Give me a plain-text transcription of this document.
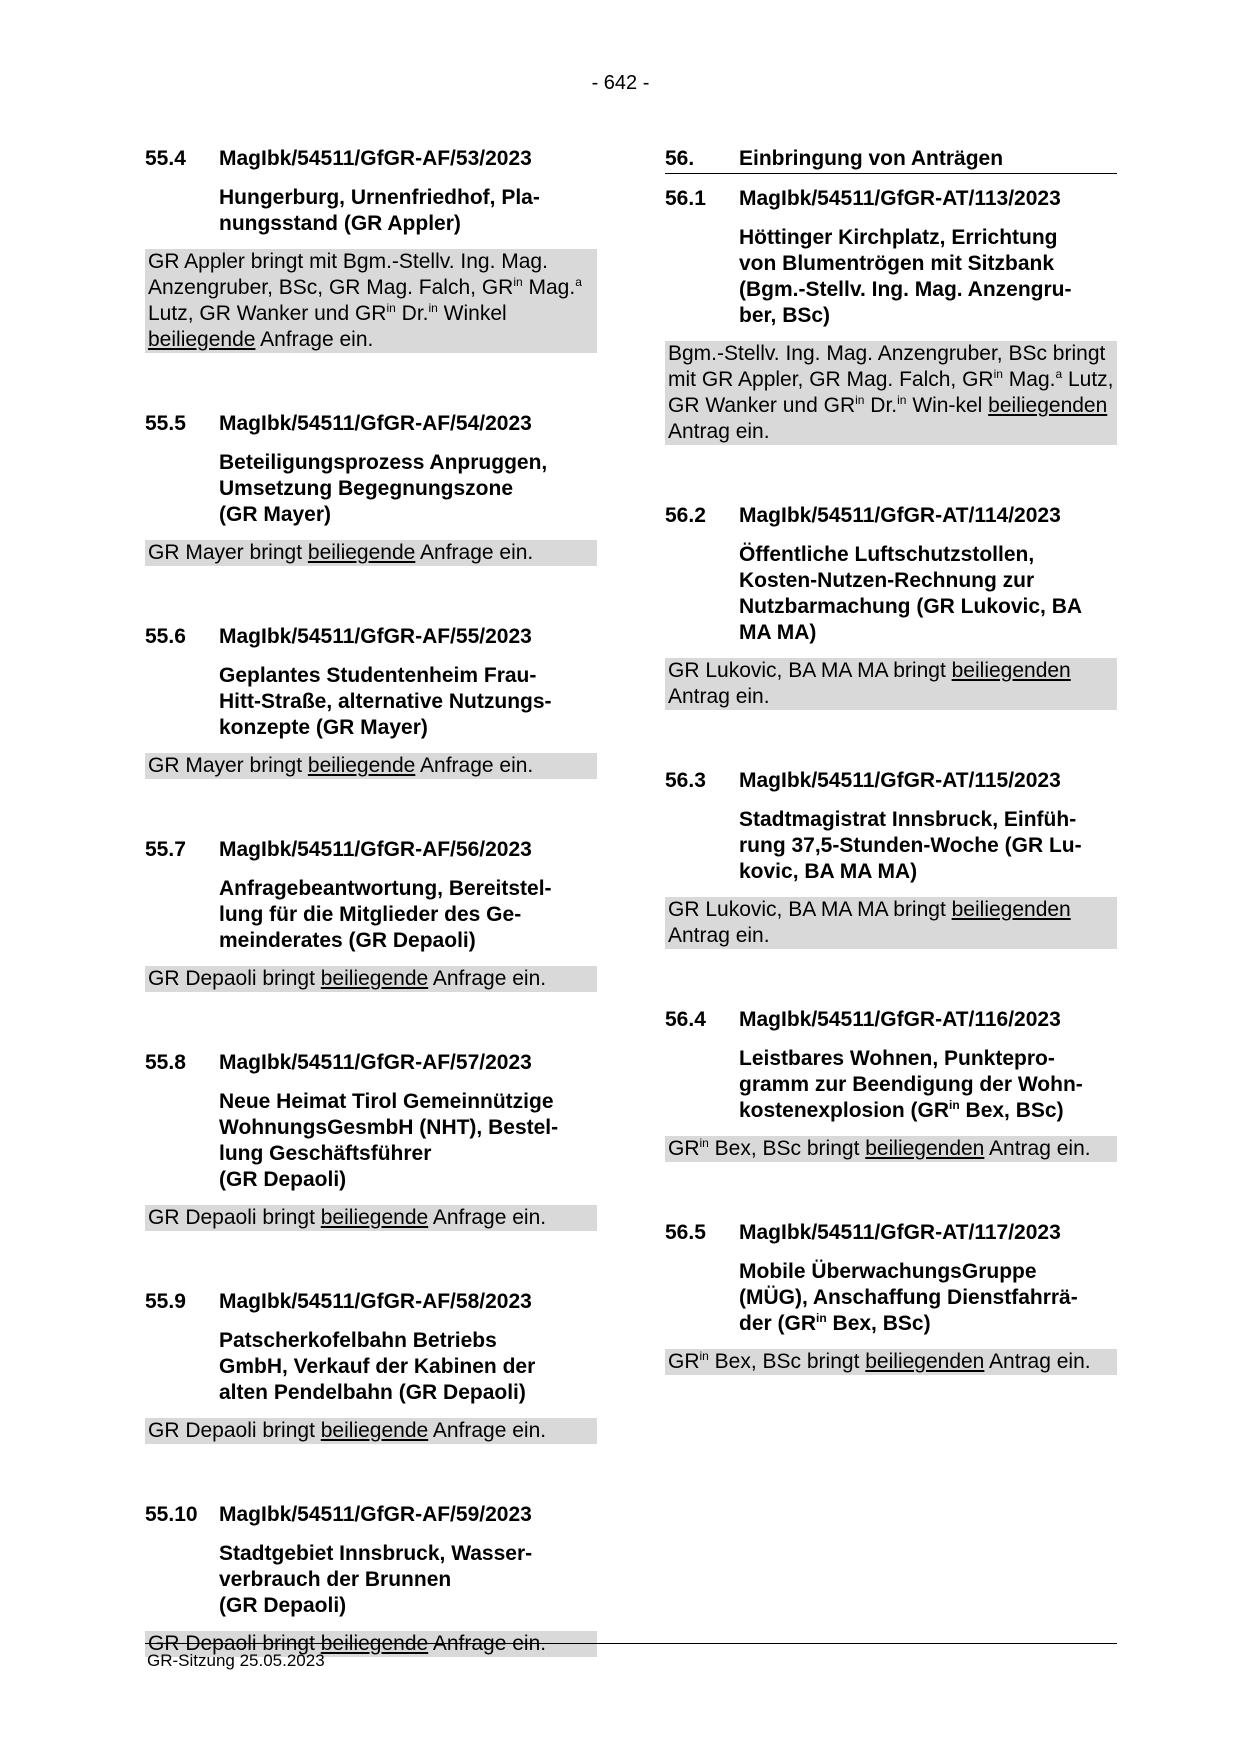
- 642 -
55.4	MagIbk/54511/GfGR-AF/53/2023
Hungerburg, Urnenfriedhof, Pla-
nungsstand (GR Appler)
GR Appler bringt mit Bgm.-Stellv. Ing. Mag. Anzengruber, BSc, GR Mag. Falch, $GR^{in}$ Mag.$^a$ Lutz, GR Wanker und $GR^{in}$ Dr.$^{in}$ Winkel beiliegende Anfrage ein.
55.5	MagIbk/54511/GfGR-AF/54/2023
Beteiligungsprozess Anpruggen,
Umsetzung Begegnungszone
(GR Mayer)
GR Mayer bringt beiliegende Anfrage ein.
55.6	MagIbk/54511/GfGR-AF/55/2023
Geplantes Studentenheim Frau-
Hitt-Straße, alternative Nutzungs-
konzepte (GR Mayer)
GR Mayer bringt beiliegende Anfrage ein.
55.7	MagIbk/54511/GfGR-AF/56/2023
Anfragebeantwortung, Bereitstel-
lung für die Mitglieder des Ge-
meinderates (GR Depaoli)
GR Depaoli bringt beiliegende Anfrage ein.
55.8	MagIbk/54511/GfGR-AF/57/2023
Neue Heimat Tirol Gemeinnützige
WohnungsGesmbH (NHT), Bestel-
lung Geschäftsführer
(GR Depaoli)
GR Depaoli bringt beiliegende Anfrage ein.
55.9	MagIbk/54511/GfGR-AF/58/2023
Patscherkofelbahn Betriebs
GmbH, Verkauf der Kabinen der
alten Pendelbahn (GR Depaoli)
GR Depaoli bringt beiliegende Anfrage ein.
55.10	MagIbk/54511/GfGR-AF/59/2023
Stadtgebiet Innsbruck, Wasser-
verbrauch der Brunnen
(GR Depaoli)
GR Depaoli bringt beiliegende Anfrage ein.
56.	Einbringung von Anträgen
56.1	MagIbk/54511/GfGR-AT/113/2023
Höttinger Kirchplatz, Errichtung
von Blumentrögen mit Sitzbank
(Bgm.-Stellv. Ing. Mag. Anzengru-
ber, BSc)
Bgm.-Stellv. Ing. Mag. Anzengruber, BSc bringt mit GR Appler, GR Mag. Falch, $GR^{in}$ Mag.$^a$ Lutz, GR Wanker und $GR^{in}$ Dr.$^{in}$ Win-kel beiliegenden Antrag ein.
56.2	MagIbk/54511/GfGR-AT/114/2023
Öffentliche Luftschutzstollen,
Kosten-Nutzen-Rechnung zur
Nutzbarmachung (GR Lukovic, BA
MA MA)
GR Lukovic, BA MA MA bringt beiliegenden Antrag ein.
56.3	MagIbk/54511/GfGR-AT/115/2023
Stadtmagistrat Innsbruck, Einfüh-
rung 37,5-Stunden-Woche (GR Lu-
kovic, BA MA MA)
GR Lukovic, BA MA MA bringt beiliegenden Antrag ein.
56.4	MagIbk/54511/GfGR-AT/116/2023
Leistbares Wohnen, Punktepro-
gramm zur Beendigung der Wohn-
kostenexplosion ($GR^{in}$ Bex, BSc)
$GR^{in}$ Bex, BSc bringt beiliegenden Antrag ein.
56.5	MagIbk/54511/GfGR-AT/117/2023
Mobile ÜberwachungsGruppe
(MÜG), Anschaffung Dienstfahrrä-
der ($GR^{in}$ Bex, BSc)
$GR^{in}$ Bex, BSc bringt beiliegenden Antrag ein.
GR-Sitzung 25.05.2023
